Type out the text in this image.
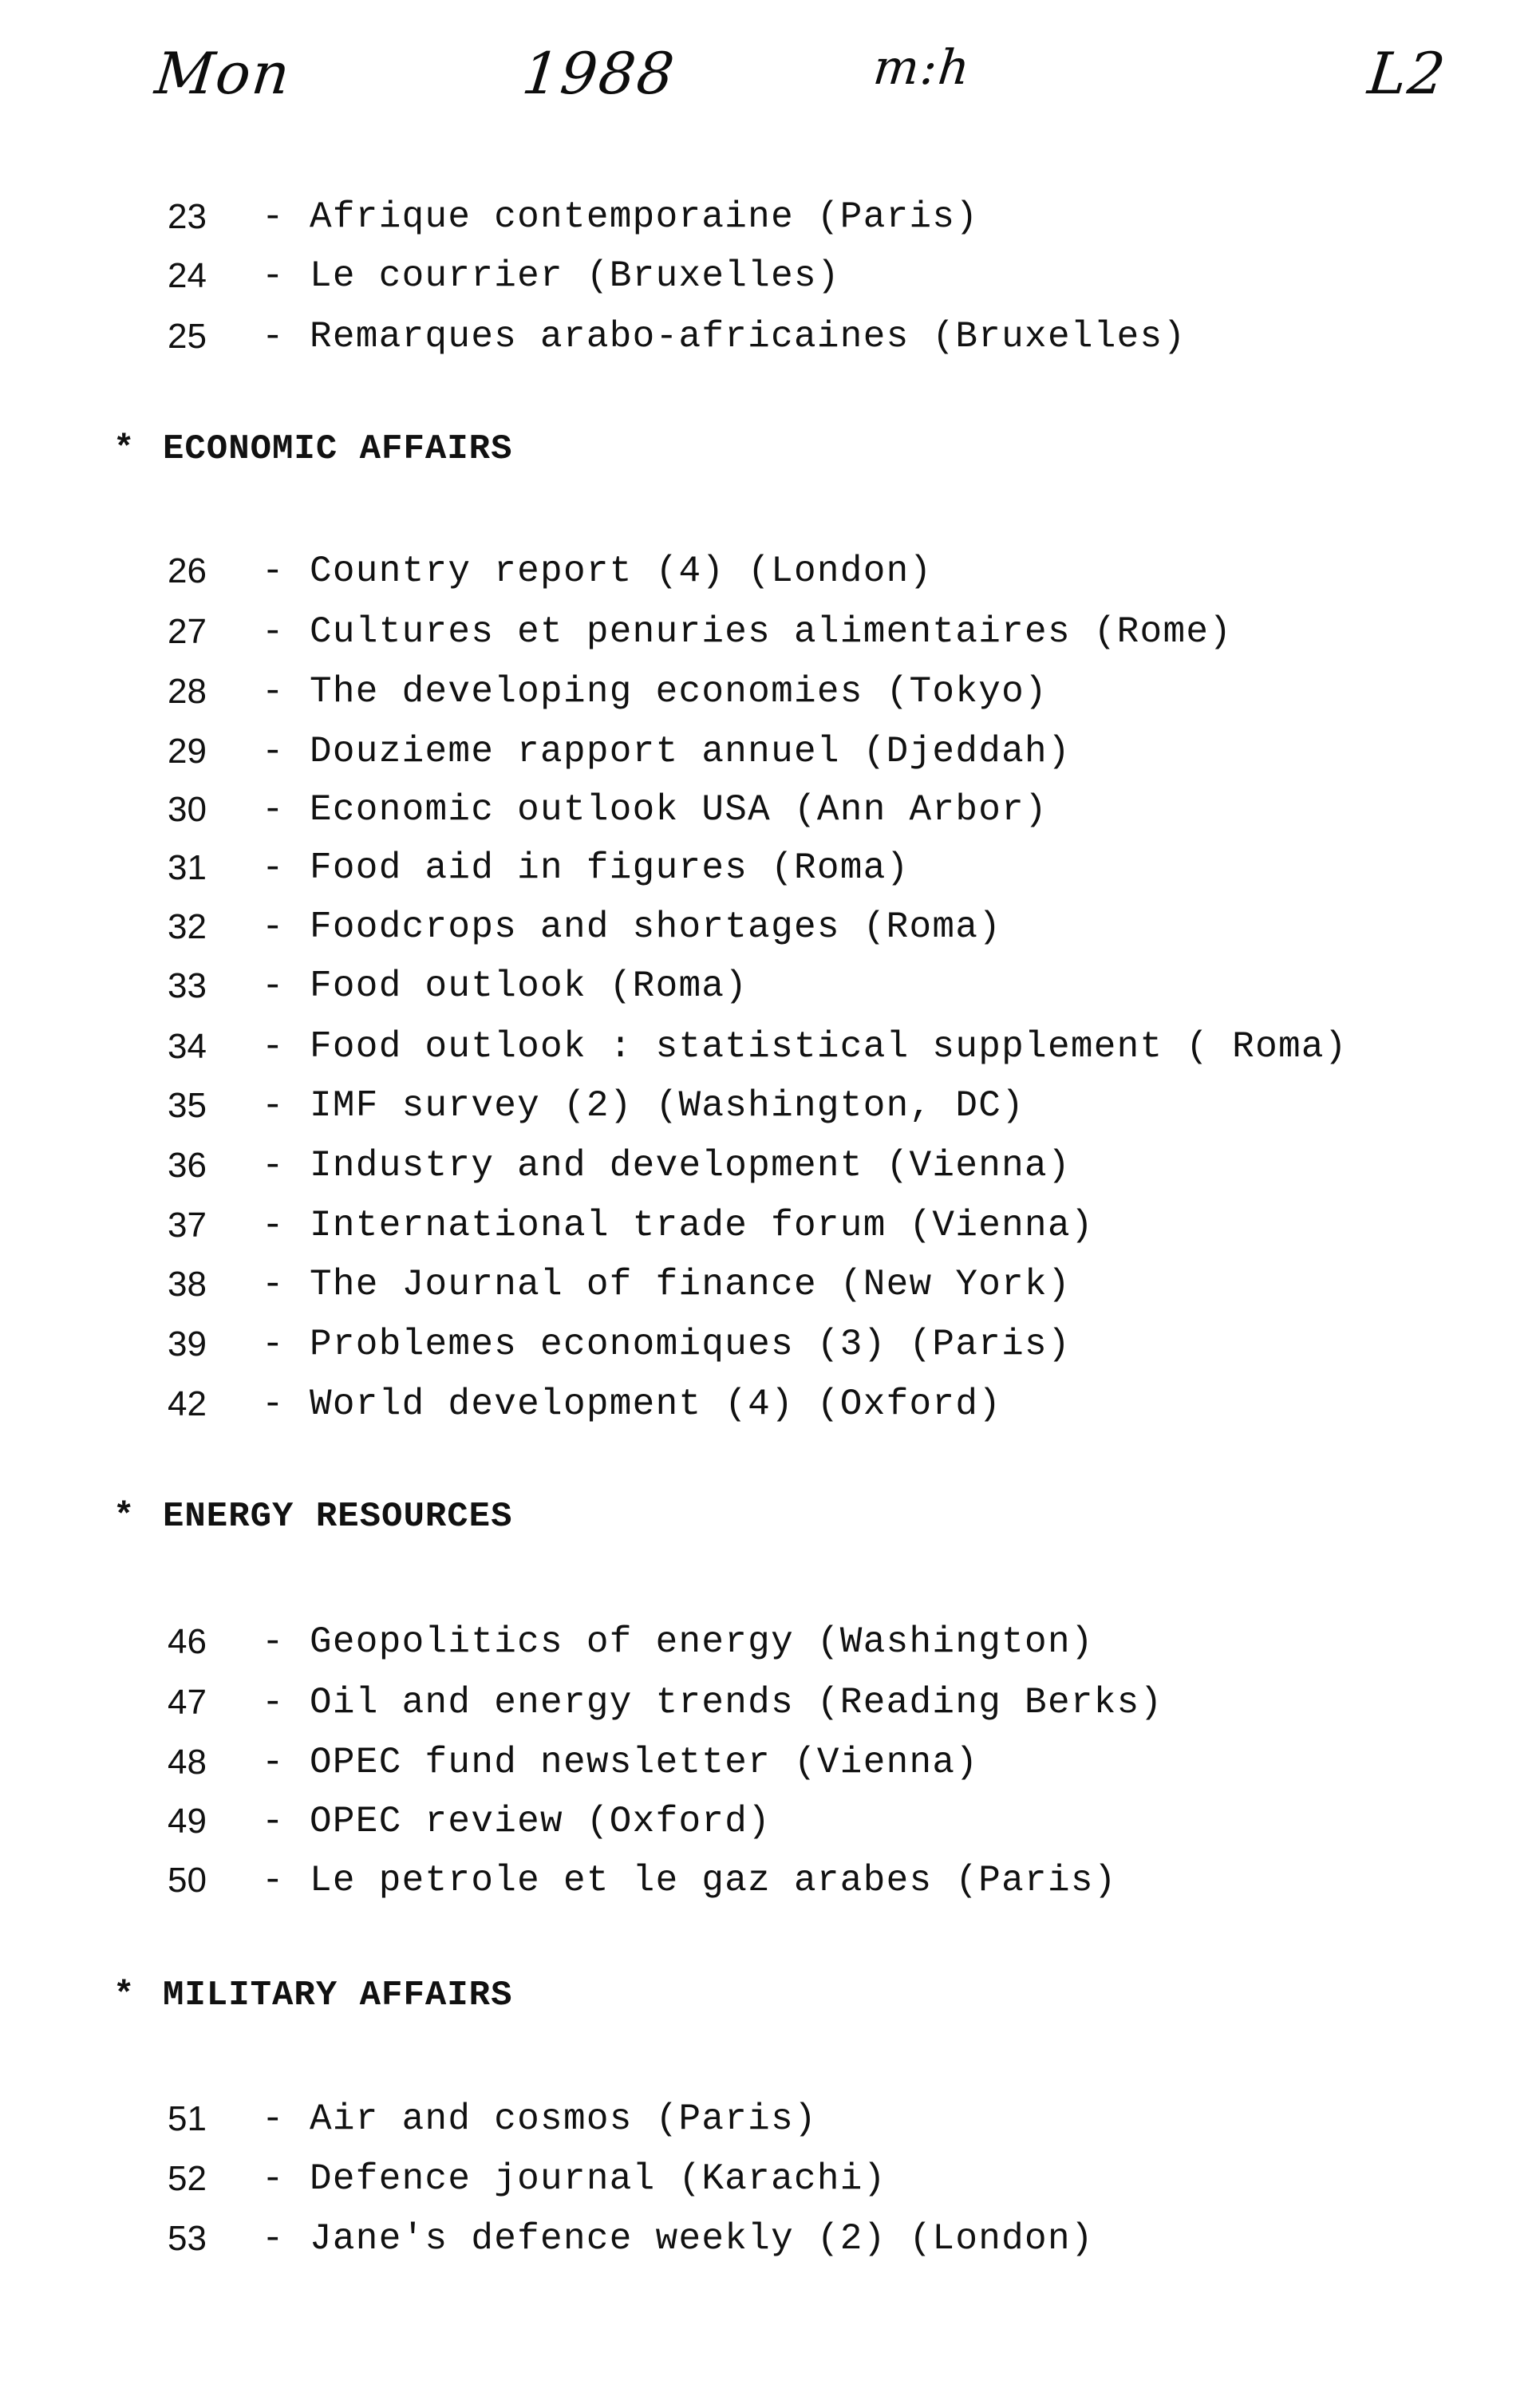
Mon	1988	m:h	L2
23 - Afrique contemporaine (Paris)
24 - Le courrier (Bruxelles)
25 - Remarques arabo-africaines (Bruxelles)
* ECONOMIC AFFAIRS
26 - Country report (4) (London)
27 - Cultures et penuries alimentaires (Rome)
28 - The developing economies (Tokyo)
29 - Douzieme rapport annuel (Djeddah)
30 - Economic outlook USA (Ann Arbor)
31 - Food aid in figures (Roma)
32 - Foodcrops and shortages (Roma)
33 - Food outlook (Roma)
34 - Food outlook : statistical supplement ( Roma)
35 - IMF survey (2) (Washington, DC)
36 - Industry and development (Vienna)
37 - International trade forum (Vienna)
38 - The Journal of finance (New York)
39 - Problemes economiques (3) (Paris)
42 - World development (4) (Oxford)
* ENERGY RESOURCES
46 - Geopolitics of energy (Washington)
47 - Oil and energy trends (Reading Berks)
48 - OPEC fund newsletter (Vienna)
49 - OPEC review (Oxford)
50 - Le petrole et le gaz arabes (Paris)
* MILITARY AFFAIRS
51 - Air and cosmos (Paris)
52 - Defence journal (Karachi)
53 - Jane's defence weekly (2) (London)
